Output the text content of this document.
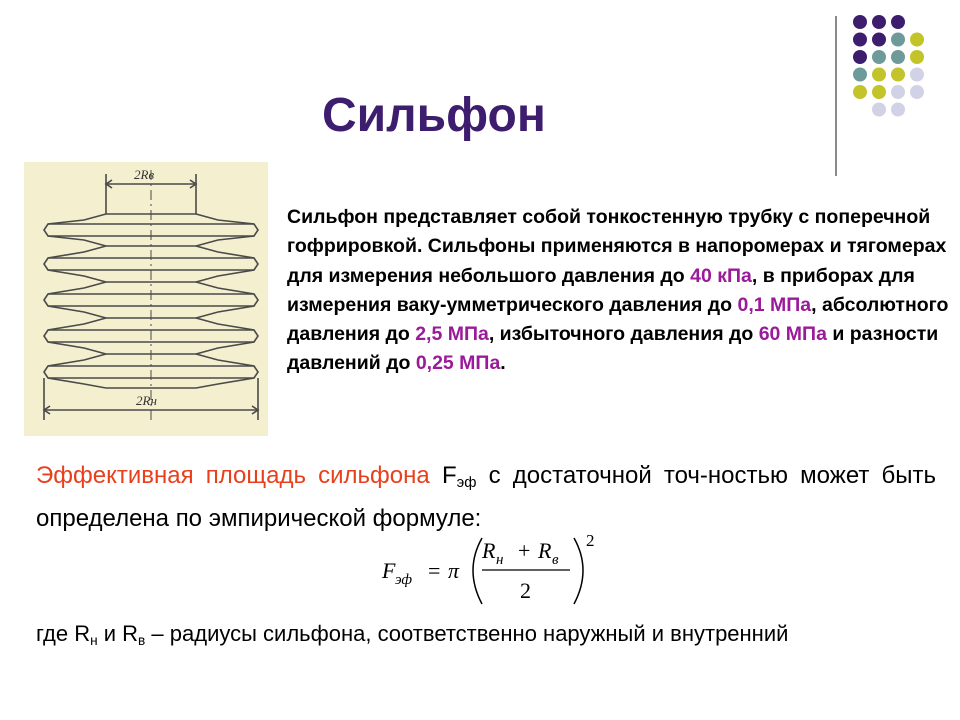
Сильфон
2Rв
2Rн

Сильфон представляет собой тонкостенную трубку с поперечной гофрировкой. Сильфоны применяются в напоромерах и тягомерах для измерения небольшого давления до 40 кПа, в приборах для измерения ваку-умметрического давления до 0,1 МПа, абсолютного давления до 2,5 МПа, избыточного давления до 60 МПа и разности давлений до 0,25 МПа.

Эффективная площадь сильфона $F_{эф}$ с достаточной точ-ностью может быть определена по эмпирической формуле:

F эф = π
R н + R в
2
2

где $R_н$ и $R_в$ – радиусы сильфона, соответственно наружный и внутренний
